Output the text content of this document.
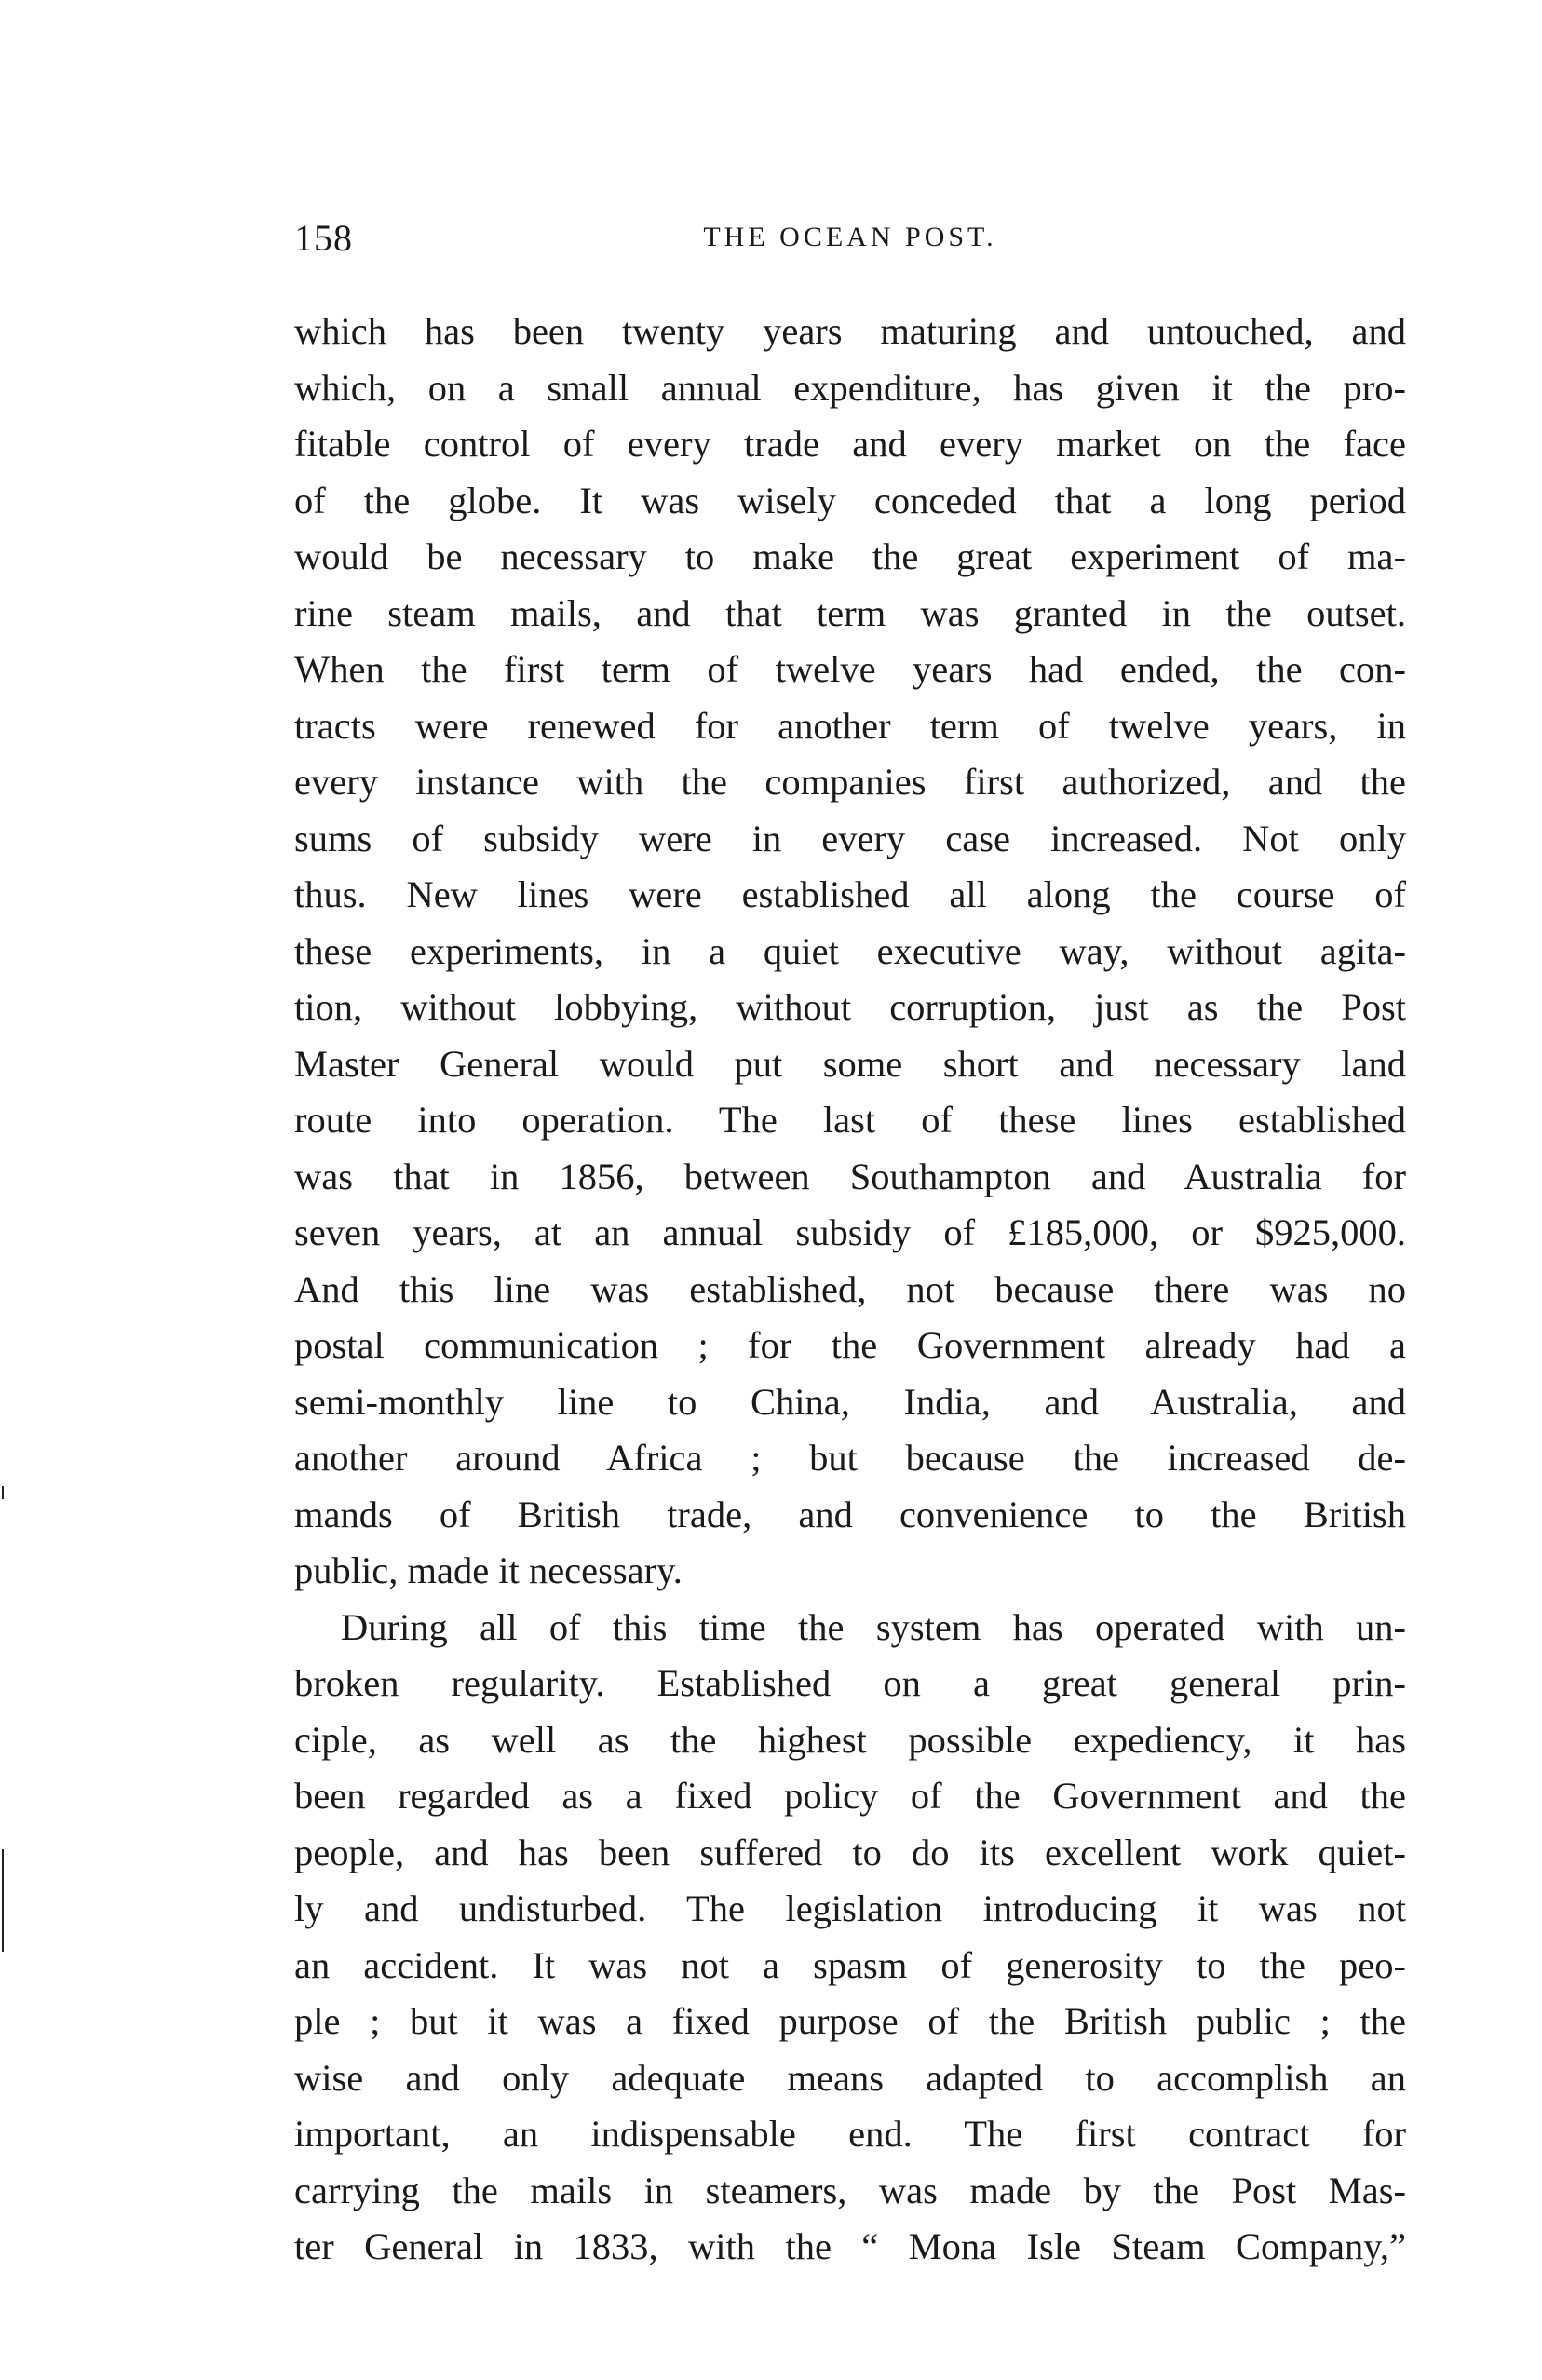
158	THE OCEAN POST.
which has been twenty years maturing and untouched, and
which, on a small annual expenditure, has given it the pro-
fitable control of every trade and every market on the face
of the globe. It was wisely conceded that a long period
would be necessary to make the great experiment of ma-
rine steam mails, and that term was granted in the outset.
When the first term of twelve years had ended, the con-
tracts were renewed for another term of twelve years, in
every instance with the companies first authorized, and the
sums of subsidy were in every case increased. Not only
thus. New lines were established all along the course of
these experiments, in a quiet executive way, without agita-
tion, without lobbying, without corruption, just as the Post
Master General would put some short and necessary land
route into operation. The last of these lines established
was that in 1856, between Southampton and Australia for
seven years, at an annual subsidy of £185,000, or $925,000.
And this line was established, not because there was no
postal communication ; for the Government already had a
semi-monthly line to China, India, and Australia, and
another around Africa ; but because the increased de-
mands of British trade, and convenience to the British
public, made it necessary.
During all of this time the system has operated with un-
broken regularity. Established on a great general prin-
ciple, as well as the highest possible expediency, it has
been regarded as a fixed policy of the Government and the
people, and has been suffered to do its excellent work quiet-
ly and undisturbed. The legislation introducing it was not
an accident. It was not a spasm of generosity to the peo-
ple ; but it was a fixed purpose of the British public ; the
wise and only adequate means adapted to accomplish an
important, an indispensable end. The first contract for
carrying the mails in steamers, was made by the Post Mas-
ter General in 1833, with the “ Mona Isle Steam Company,”
